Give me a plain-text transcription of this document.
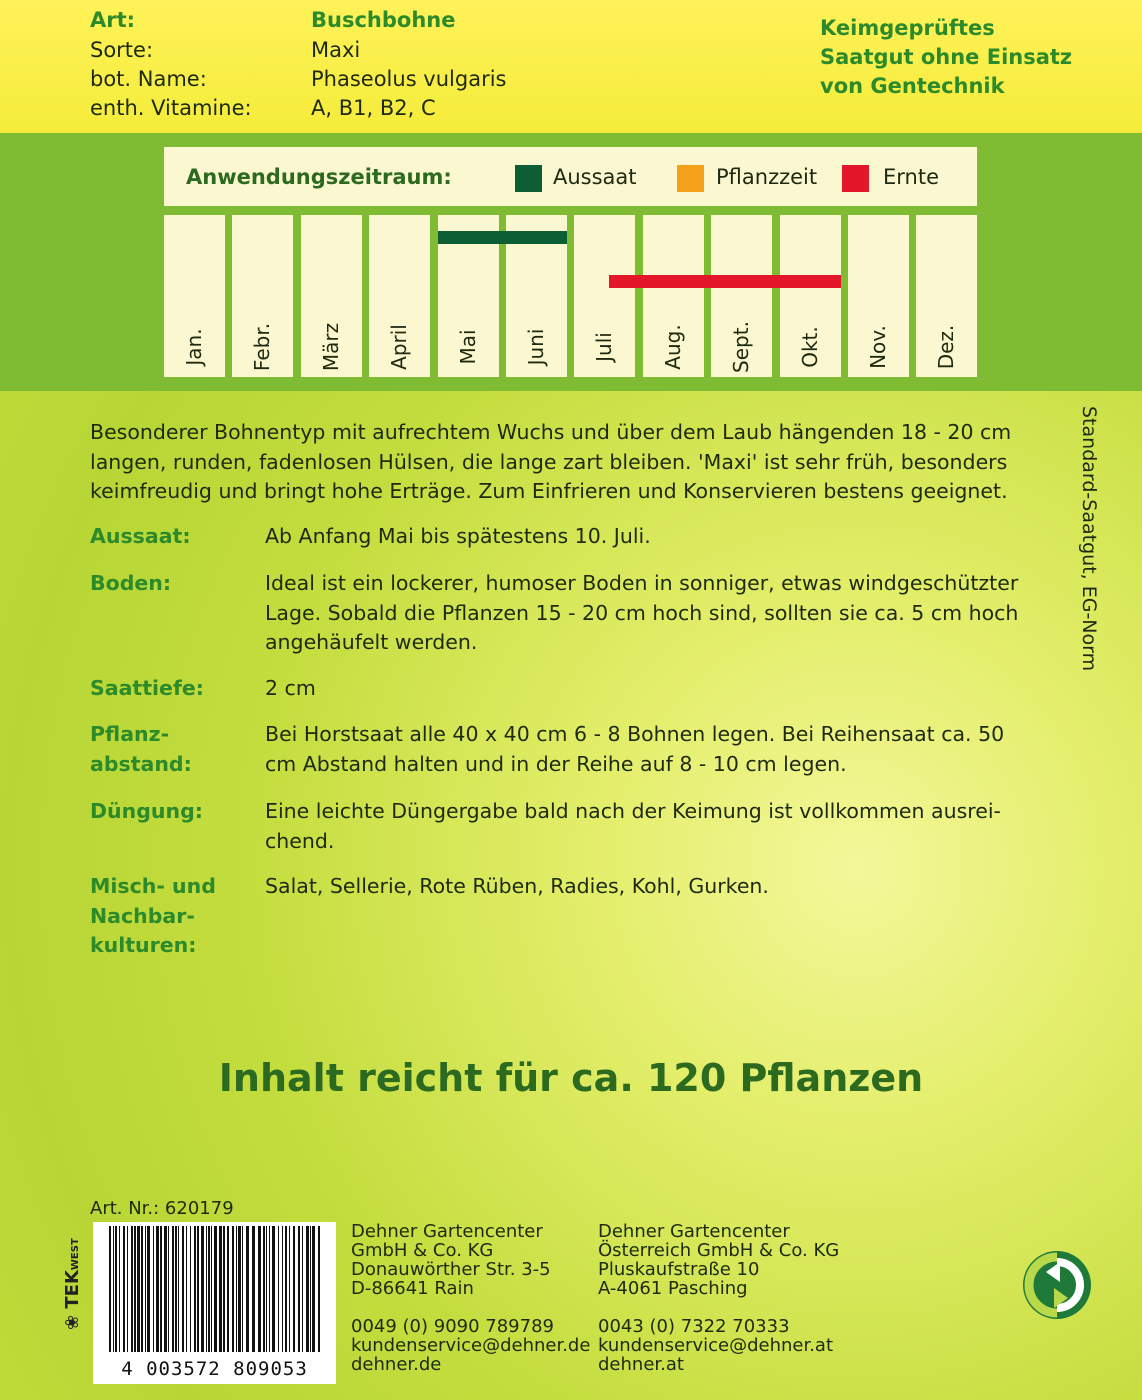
Art:	Buschbohne
Sorte:	Maxi
bot. Name:	Phaseolus vulgaris
enth. Vitamine:	A, B1, B2, C
Keimgeprüftes
Saatgut ohne Einsatz
von Gentechnik
Anwendungszeitraum:	Aussaat	Pflanzzeit	Ernte
Jan. Febr. März April Mai Juni Juli Aug. Sept. Okt. Nov. Dez.
Besonderer Bohnentyp mit aufrechtem Wuchs und über dem Laub hängenden 18 - 20 cm langen, runden, fadenlosen Hülsen, die lange zart bleiben. 'Maxi' ist sehr früh, besonders keimfreudig und bringt hohe Erträge. Zum Einfrieren und Konservieren bestens geeignet.
Aussaat:	Ab Anfang Mai bis spätestens 10. Juli.
Boden:	Ideal ist ein lockerer, humoser Boden in sonniger, etwas windgeschützter Lage. Sobald die Pflanzen 15 - 20 cm hoch sind, sollten sie ca. 5 cm hoch angehäufelt werden.
Saattiefe:	2 cm
Pflanz-
abstand:
Bei Horstsaat alle 40 x 40 cm 6 - 8 Bohnen legen. Bei Reihensaat ca. 50 cm Abstand halten und in der Reihe auf 8 - 10 cm legen.
Düngung:	Eine leichte Düngergabe bald nach der Keimung ist vollkommen ausrei-
chend.
Misch- und
Nachbar-
kulturen:
Salat, Sellerie, Rote Rüben, Radies, Kohl, Gurken.
Standard-Saatgut, EG-Norm
Inhalt reicht für ca. 120 Pflanzen
Art. Nr.: 620179
❀ TEKWEST
4 003572 809053
Dehner Gartencenter
GmbH & Co. KG
Donauwörther Str. 3-5
D-86641 Rain
0049 (0) 9090 789789
kundenservice@dehner.de
dehner.de
Dehner Gartencenter
Österreich GmbH & Co. KG
Pluskaufstraße 10
A-4061 Pasching
0043 (0) 7322 70333
kundenservice@dehner.at
dehner.at
